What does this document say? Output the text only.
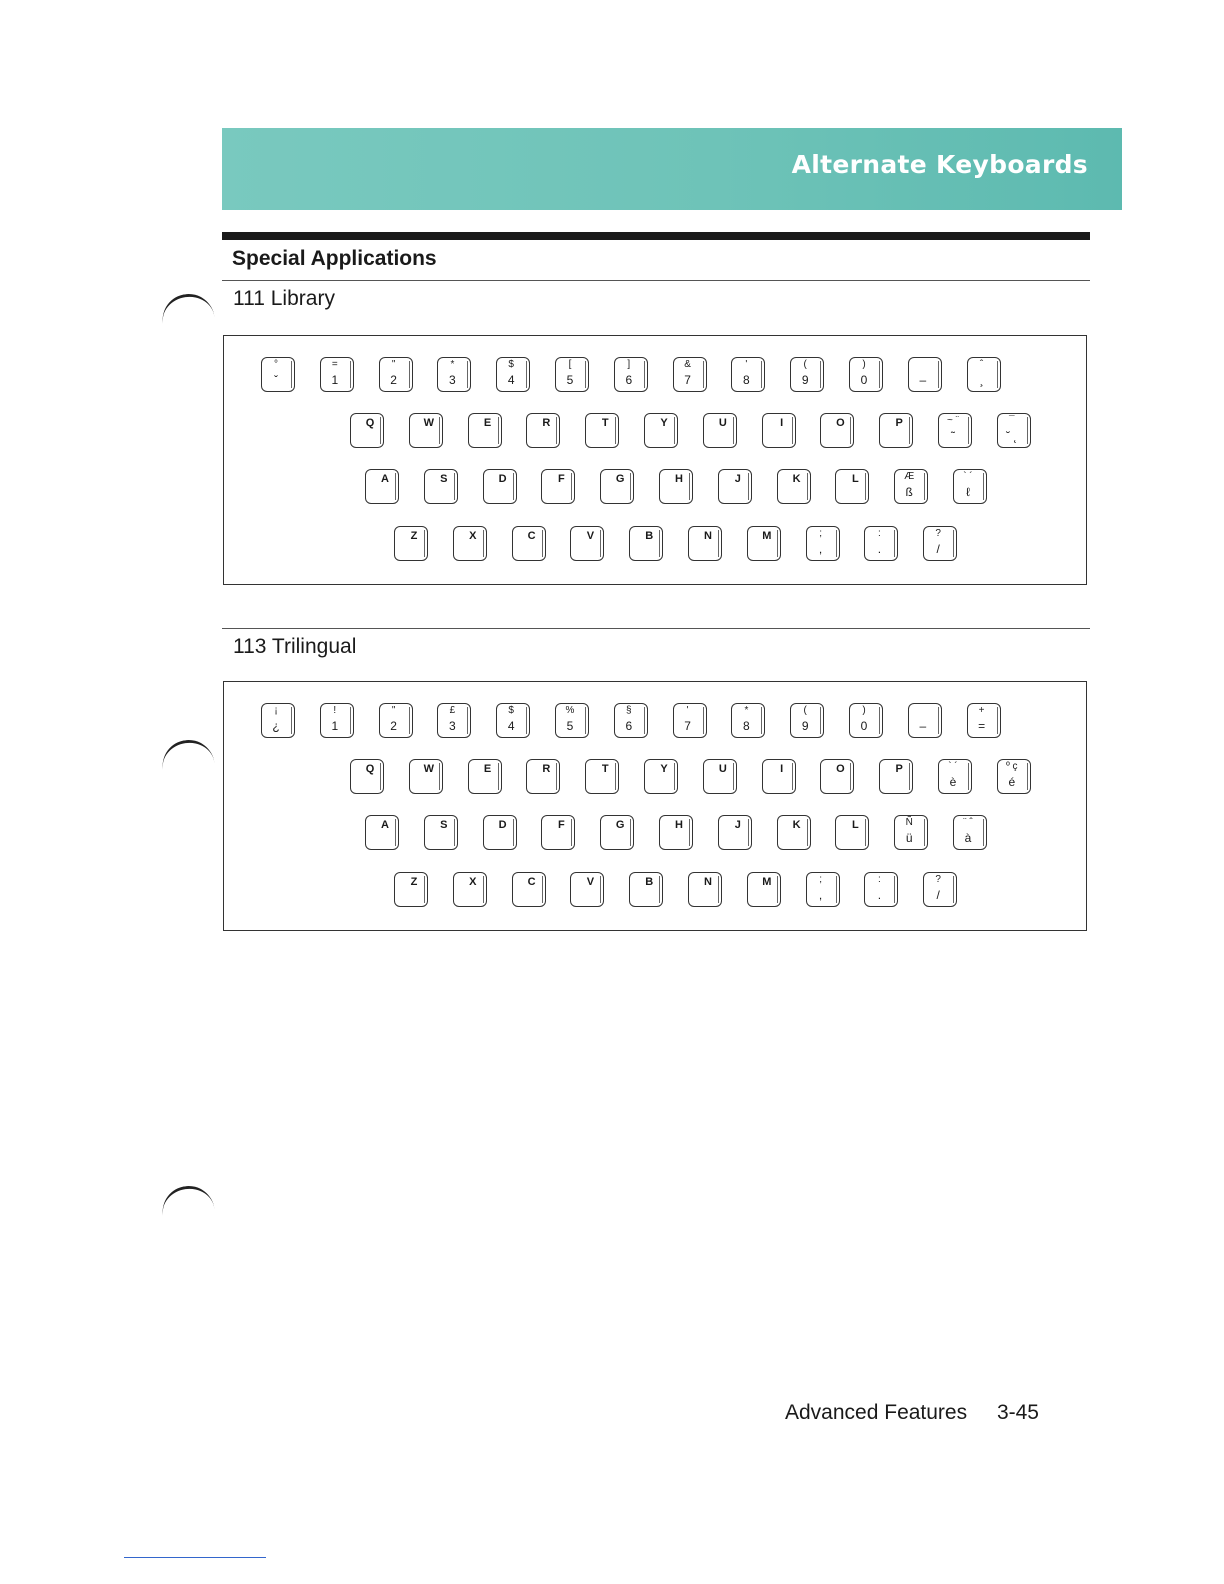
Alternate Keyboards
Special Applications
111 Library
°
ˇ
=
1
"
2
*
3
$
4
[
5
]
6
&
7
'
8
(
9
)
0	–
ˆ
¸
Q	W	E	R	T	Y	U	I	O	P	~ ¨
˜
¯
˘ ˛
A	S	D	F	G	H	J	K	L	Æ
ß
` ´
ℓ
Z	X	C	V	B	N	M	;
,
:
.
?
/
113 Trilingual
¡
¿
!
1
"
2
£
3
$
4
%
5
§
6
'
7
*
8
(
9
)
0	–
+
=
Q	W	E	R	T	Y	U	I	O	P	` ´
è
º ç
é
A	S	D	F	G	H	J	K	L	Ñ
ü
¨ ˆ
à
Z	X	C	V	B	N	M	;
,
:
.
?
/
Advanced Features 3-45
